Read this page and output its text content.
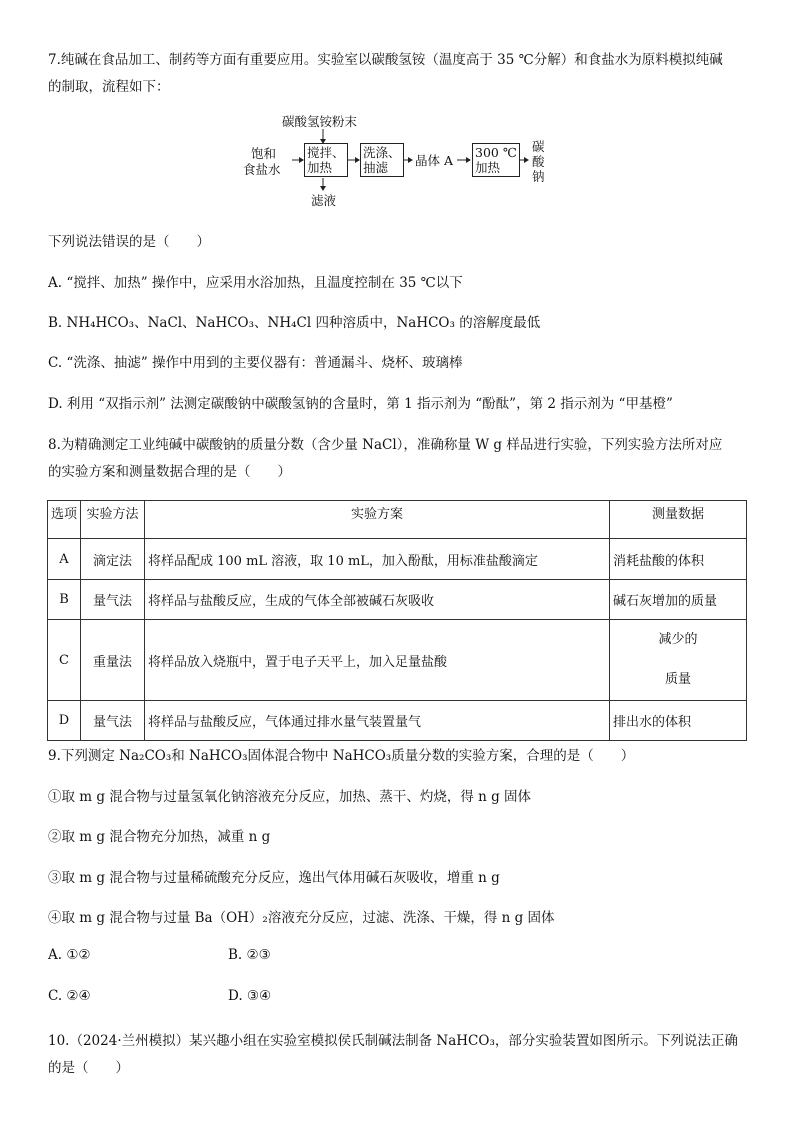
7.纯碱在食品加工、制药等方面有重要应用。实验室以碳酸氢铵（温度高于 35 ℃分解）和食盐水为原料模拟纯碱
的制取，流程如下：
碳酸氢铵粉末
饱和
食盐水
搅拌、
加热
洗涤、
抽滤	晶体 A
300 ℃
加热
碳
酸
钠
滤液
下列说法错误的是（　　）
A. “搅拌、加热” 操作中，应采用水浴加热，且温度控制在 35 ℃以下
B. NH₄HCO₃、NaCl、NaHCO₃、NH₄Cl 四种溶质中，NaHCO₃ 的溶解度最低
C. “洗涤、抽滤” 操作中用到的主要仪器有：普通漏斗、烧杯、玻璃棒
D. 利用 “双指示剂” 法测定碳酸钠中碳酸氢钠的含量时，第 1 指示剂为 “酚酞”，第 2 指示剂为 “甲基橙”
8.为精确测定工业纯碱中碳酸钠的质量分数（含少量 NaCl），准确称量 W g 样品进行实验，下列实验方法所对应
的实验方案和测量数据合理的是（　　）
选项	实验方法	实验方案	测量数据
A	滴定法	将样品配成 100 mL 溶液，取 10 mL，加入酚酞，用标准盐酸滴定	消耗盐酸的体积
B	量气法	将样品与盐酸反应，生成的气体全部被碱石灰吸收	碱石灰增加的质量
C	重量法	将样品放入烧瓶中，置于电子天平上，加入足量盐酸	减少的
质量

D	量气法	将样品与盐酸反应，气体通过排水量气装置量气	排出水的体积
9.下列测定 Na₂CO₃和 NaHCO₃固体混合物中 NaHCO₃质量分数的实验方案，合理的是（　　）
①取 m g 混合物与过量氢氧化钠溶液充分反应，加热、蒸干、灼烧，得 n g 固体
②取 m g 混合物充分加热，减重 n g
③取 m g 混合物与过量稀硫酸充分反应，逸出气体用碱石灰吸收，增重 n g
④取 m g 混合物与过量 Ba（OH）₂溶液充分反应，过滤、洗涤、干燥，得 n g 固体
A. ①②	B. ②③
C. ②④	D. ③④
10.（2024·兰州模拟）某兴趣小组在实验室模拟侯氏制碱法制备 NaHCO₃，部分实验装置如图所示。下列说法正确
的是（　　）
